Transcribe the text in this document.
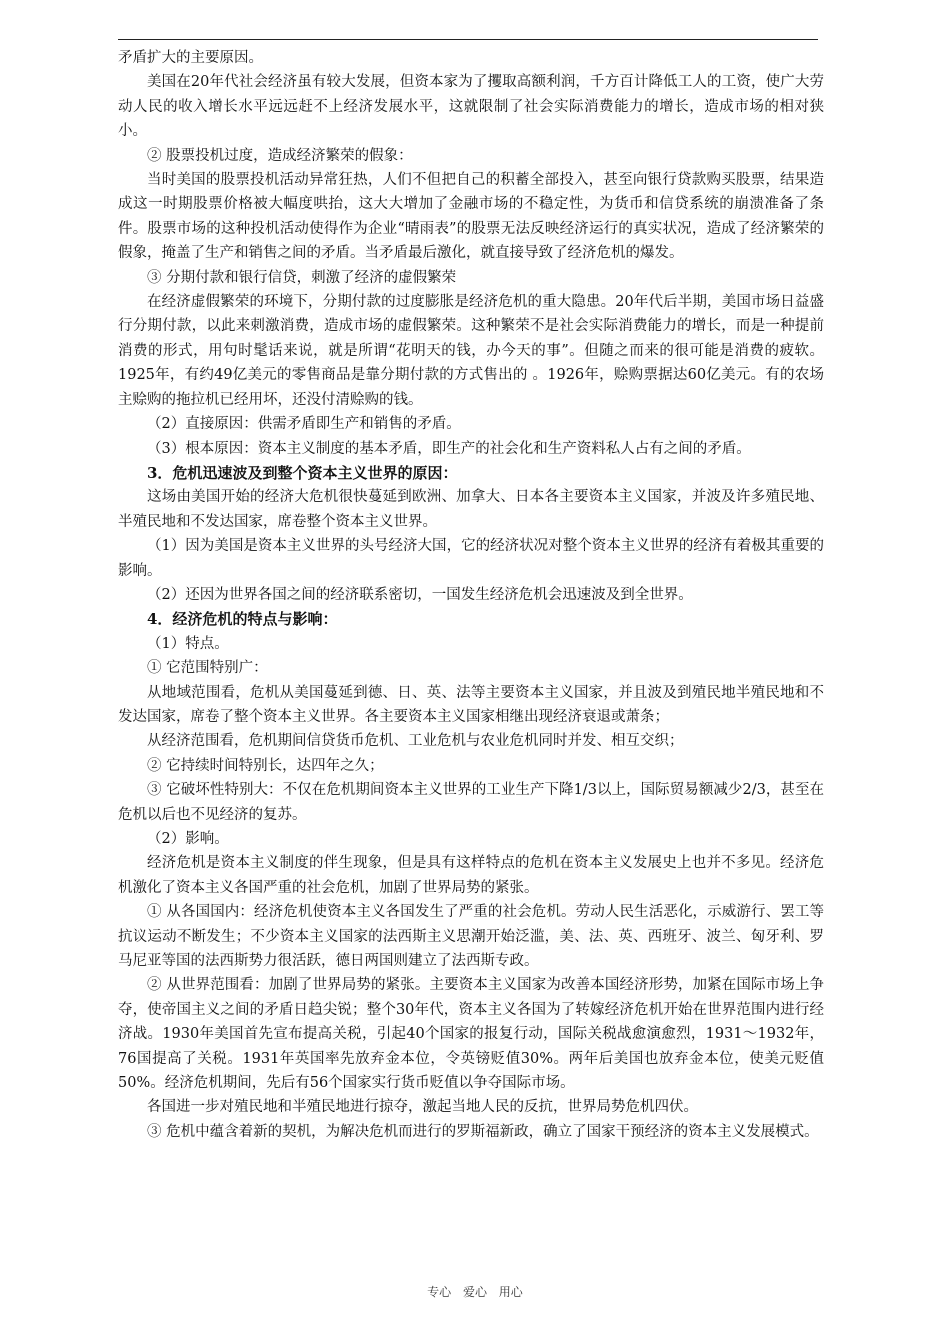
矛盾扩大的主要原因。

美国在20年代社会经济虽有较大发展，但资本家为了攫取高额利润，千方百计降低工人的工资，使广大劳动人民的收入增长水平远远赶不上经济发展水平，这就限制了社会实际消费能力的增长，造成市场的相对狭小。

② 股票投机过度，造成经济繁荣的假象：

当时美国的股票投机活动异常狂热，人们不但把自己的积蓄全部投入，甚至向银行贷款购买股票，结果造成这一时期股票价格被大幅度哄抬，这大大增加了金融市场的不稳定性，为货币和信贷系统的崩溃准备了条件。股票市场的这种投机活动使得作为企业“晴雨表”的股票无法反映经济运行的真实状况，造成了经济繁荣的假象，掩盖了生产和销售之间的矛盾。当矛盾最后激化，就直接导致了经济危机的爆发。

③ 分期付款和银行信贷，刺激了经济的虚假繁荣

在经济虚假繁荣的环境下，分期付款的过度膨胀是经济危机的重大隐患。20年代后半期，美国市场日益盛行分期付款，以此来刺激消费，造成市场的虚假繁荣。这种繁荣不是社会实际消费能力的增长，而是一种提前消费的形式，用句时髦话来说，就是所谓“花明天的钱，办今天的事”。但随之而来的很可能是消费的疲软。1925年，有约49亿美元的零售商品是靠分期付款的方式售出的 。1926年，赊购票据达60亿美元。有的农场主赊购的拖拉机已经用坏，还没付清赊购的钱。

（2）直接原因：供需矛盾即生产和销售的矛盾。

（3）根本原因：资本主义制度的基本矛盾，即生产的社会化和生产资料私人占有之间的矛盾。

3．危机迅速波及到整个资本主义世界的原因：

这场由美国开始的经济大危机很快蔓延到欧洲、加拿大、日本各主要资本主义国家，并波及许多殖民地、半殖民地和不发达国家，席卷整个资本主义世界。

（1）因为美国是资本主义世界的头号经济大国，它的经济状况对整个资本主义世界的经济有着极其重要的影响。

（2）还因为世界各国之间的经济联系密切，一国发生经济危机会迅速波及到全世界。

4．经济危机的特点与影响：

（1）特点。

① 它范围特别广：

从地域范围看，危机从美国蔓延到德、日、英、法等主要资本主义国家，并且波及到殖民地半殖民地和不发达国家，席卷了整个资本主义世界。各主要资本主义国家相继出现经济衰退或萧条；

从经济范围看，危机期间信贷货币危机、工业危机与农业危机同时并发、相互交织；

② 它持续时间特别长，达四年之久；

③ 它破坏性特别大：不仅在危机期间资本主义世界的工业生产下降1/3以上，国际贸易额减少2/3，甚至在危机以后也不见经济的复苏。

（2）影响。

经济危机是资本主义制度的伴生现象，但是具有这样特点的危机在资本主义发展史上也并不多见。经济危机激化了资本主义各国严重的社会危机，加剧了世界局势的紧张。

① 从各国国内：经济危机使资本主义各国发生了严重的社会危机。劳动人民生活恶化，示威游行、罢工等抗议运动不断发生；不少资本主义国家的法西斯主义思潮开始泛滥，美、法、英、西班牙、波兰、匈牙利、罗马尼亚等国的法西斯势力很活跃，德日两国则建立了法西斯专政。

② 从世界范围看：加剧了世界局势的紧张。主要资本主义国家为改善本国经济形势，加紧在国际市场上争夺，使帝国主义之间的矛盾日趋尖锐；整个30年代，资本主义各国为了转嫁经济危机开始在世界范围内进行经济战。1930年美国首先宣布提高关税，引起40个国家的报复行动，国际关税战愈演愈烈，1931～1932年，76国提高了关税。1931年英国率先放弃金本位，令英镑贬值30%。两年后美国也放弃金本位，使美元贬值50%。经济危机期间，先后有56个国家实行货币贬值以争夺国际市场。

各国进一步对殖民地和半殖民地进行掠夺，激起当地人民的反抗，世界局势危机四伏。

③ 危机中蕴含着新的契机，为解决危机而进行的罗斯福新政，确立了国家干预经济的资本主义发展模式。

专心 爱心 用心
